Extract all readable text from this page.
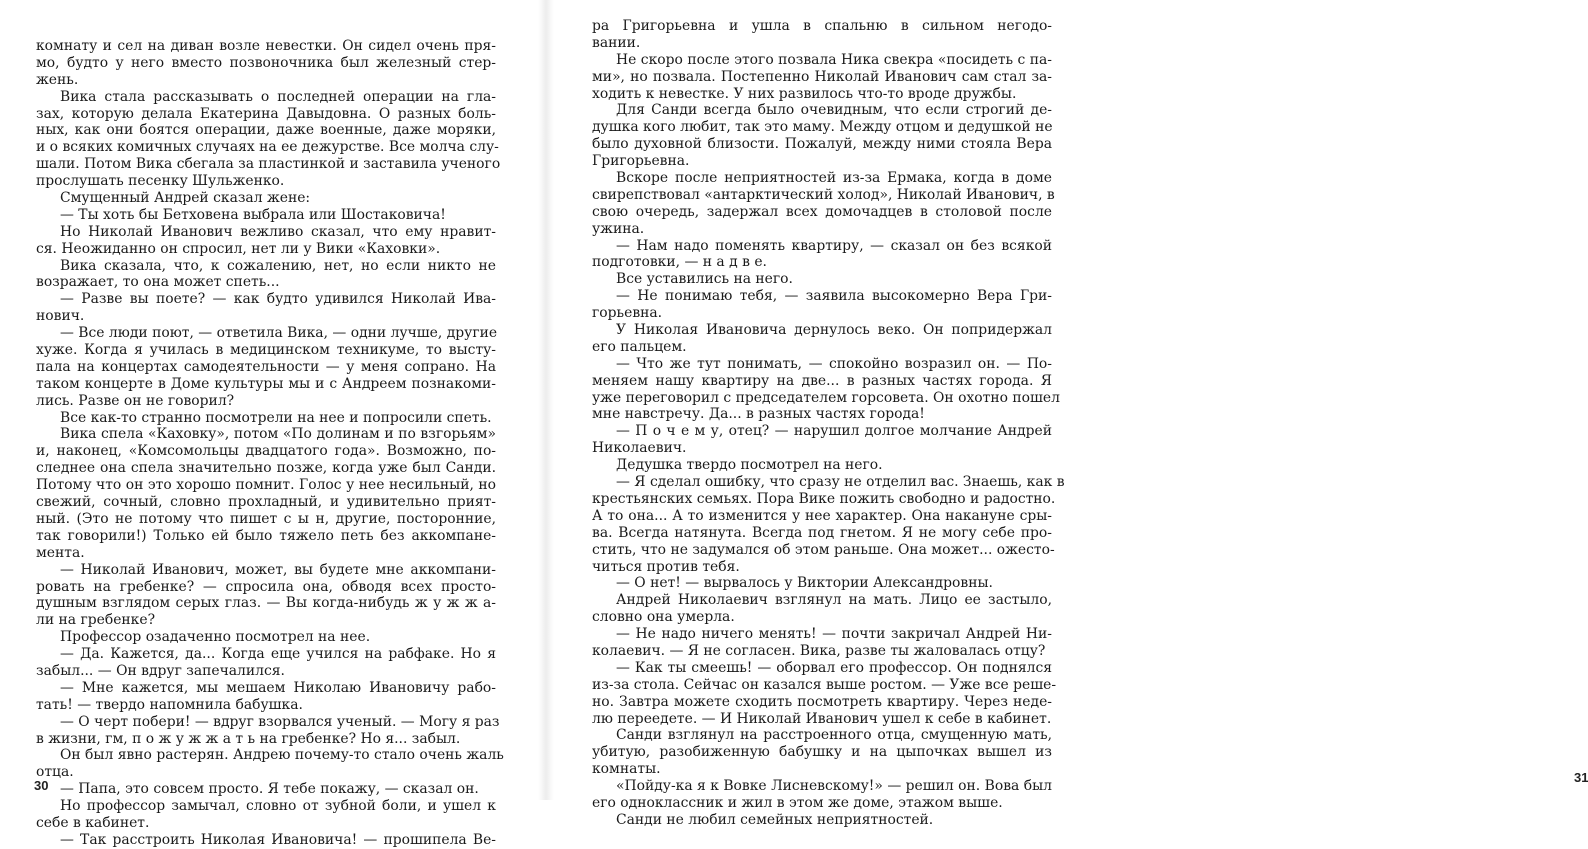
комнату и сел на диван возле невестки. Он сидел очень пря-
мо, будто у него вместо позвоночника был железный стер-
жень.
Вика стала рассказывать о последней операции на гла-
зах, которую делала Екатерина Давыдовна. О разных боль-
ных, как они боятся операции, даже военные, даже моряки,
и о всяких комичных случаях на ее дежурстве. Все молча слу-
шали. Потом Вика сбегала за пластинкой и заставила ученого
прослушать песенку Шульженко.
Смущенный Андрей сказал жене:
— Ты хоть бы Бетховена выбрала или Шостаковича!
Но Николай Иванович вежливо сказал, что ему нравит-
ся. Неожиданно он спросил, нет ли у Вики «Каховки».
Вика сказала, что, к сожалению, нет, но если никто не
возражает, то она может спеть...
— Разве вы поете? — как будто удивился Николай Ива-
нович.
— Все люди поют, — ответила Вика, — одни лучше, другие
хуже. Когда я училась в медицинском техникуме, то высту-
пала на концертах самодеятельности — у меня сопрано. На
таком концерте в Доме культуры мы и с Андреем познакоми-
лись. Разве он не говорил?
Все как-то странно посмотрели на нее и попросили спеть.
Вика спела «Каховку», потом «По долинам и по взгорьям»
и, наконец, «Комсомольцы двадцатого года». Возможно, по-
следнее она спела значительно позже, когда уже был Санди.
Потому что он это хорошо помнит. Голос у нее несильный, но
свежий, сочный, словно прохладный, и удивительно прият-
ный. (Это не потому что пишет с ы н, другие, посторонние,
так говорили!) Только ей было тяжело петь без аккомпане-
мента.
— Николай Иванович, может, вы будете мне аккомпани-
ровать на гребенке? — спросила она, обводя всех просто-
душным взглядом серых глаз. — Вы когда-нибудь ж у ж ж а-
ли на гребенке?
Профессор озадаченно посмотрел на нее.
— Да. Кажется, да... Когда еще учился на рабфаке. Но я
забыл... — Он вдруг запечалился.
— Мне кажется, мы мешаем Николаю Ивановичу рабо-
тать! — твердо напомнила бабушка.
— О черт побери! — вдруг взорвался ученый. — Могу я раз
в жизни, гм, п о ж у ж ж а т ь на гребенке? Но я... забыл.
Он был явно растерян. Андрею почему-то стало очень жаль
отца.
— Папа, это совсем просто. Я тебе покажу, — сказал он.
Но профессор замычал, словно от зубной боли, и ушел к
себе в кабинет.
— Так расстроить Николая Ивановича! — прошипела Ве-
30
ра Григорьевна и ушла в спальню в сильном негодо-
вании.
Не скоро после этого позвала Ника свекра «посидеть с па-
ми», но позвала. Постепенно Николай Иванович сам стал за-
ходить к невестке. У них развилось что-то вроде дружбы.
Для Санди всегда было очевидным, что если строгий де-
душка кого любит, так это маму. Между отцом и дедушкой не
было духовной близости. Пожалуй, между ними стояла Вера
Григорьевна.
Вскоре после неприятностей из-за Ермака, когда в доме
свирепствовал «антарктический холод», Николай Иванович, в
свою очередь, задержал всех домочадцев в столовой после
ужина.
— Нам надо поменять квартиру, — сказал он без всякой
подготовки, — н а д в е.
Все уставились на него.
— Не понимаю тебя, — заявила высокомерно Вера Гри-
горьевна.
У Николая Ивановича дернулось веко. Он попридержал
его пальцем.
— Что же тут понимать, — спокойно возразил он. — По-
меняем нашу квартиру на две... в разных частях города. Я
уже переговорил с председателем горсовета. Он охотно пошел
мне навстречу. Да... в разных частях города!
— П о ч е м у, отец? — нарушил долгое молчание Андрей
Николаевич.
Дедушка твердо посмотрел на него.
— Я сделал ошибку, что сразу не отделил вас. Знаешь, как в
крестьянских семьях. Пора Вике пожить свободно и радостно.
А то она... А то изменится у нее характер. Она накануне сры-
ва. Всегда натянута. Всегда под гнетом. Я не могу себе про-
стить, что не задумался об этом раньше. Она может... ожесто-
читься против тебя.
— О нет! — вырвалось у Виктории Александровны.
Андрей Николаевич взглянул на мать. Лицо ее застыло,
словно она умерла.
— Не надо ничего менять! — почти закричал Андрей Ни-
колаевич. — Я не согласен. Вика, разве ты жаловалась отцу?
— Как ты смеешь! — оборвал его профессор. Он поднялся
из-за стола. Сейчас он казался выше ростом. — Уже все реше-
но. Завтра можете сходить посмотреть квартиру. Через неде-
лю переедете. — И Николай Иванович ушел к себе в кабинет.
Санди взглянул на расстроенного отца, смущенную мать,
убитую, разобиженную бабушку и на цыпочках вышел из
комнаты.
«Пойду-ка я к Вовке Лисневскому!» — решил он. Вова был
его одноклассник и жил в этом же доме, этажом выше.
Санди не любил семейных неприятностей.
31
